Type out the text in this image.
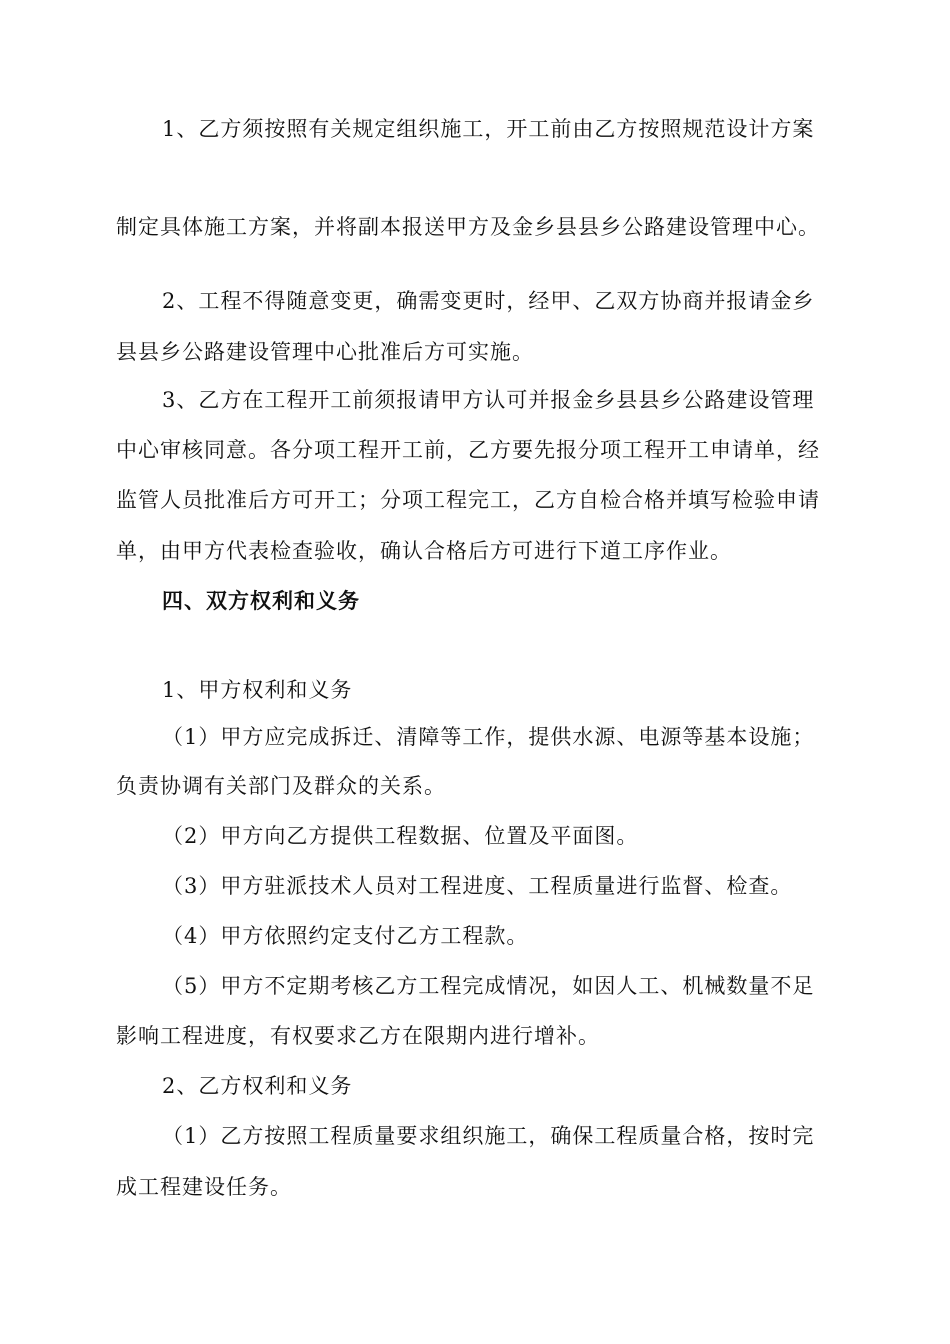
1、乙方须按照有关规定组织施工，开工前由乙方按照规范设计方案
制定具体施工方案，并将副本报送甲方及金乡县县乡公路建设管理中心。
2、工程不得随意变更，确需变更时，经甲、乙双方协商并报请金乡
县县乡公路建设管理中心批准后方可实施。
3、乙方在工程开工前须报请甲方认可并报金乡县县乡公路建设管理
中心审核同意。各分项工程开工前，乙方要先报分项工程开工申请单，经
监管人员批准后方可开工；分项工程完工，乙方自检合格并填写检验申请
单，由甲方代表检查验收，确认合格后方可进行下道工序作业。
四、双方权利和义务
1、甲方权利和义务
（1）甲方应完成拆迁、清障等工作，提供水源、电源等基本设施；
负责协调有关部门及群众的关系。
（2）甲方向乙方提供工程数据、位置及平面图。
（3）甲方驻派技术人员对工程进度、工程质量进行监督、检查。
（4）甲方依照约定支付乙方工程款。
（5）甲方不定期考核乙方工程完成情况，如因人工、机械数量不足
影响工程进度，有权要求乙方在限期内进行增补。
2、乙方权利和义务
（1）乙方按照工程质量要求组织施工，确保工程质量合格，按时完
成工程建设任务。
